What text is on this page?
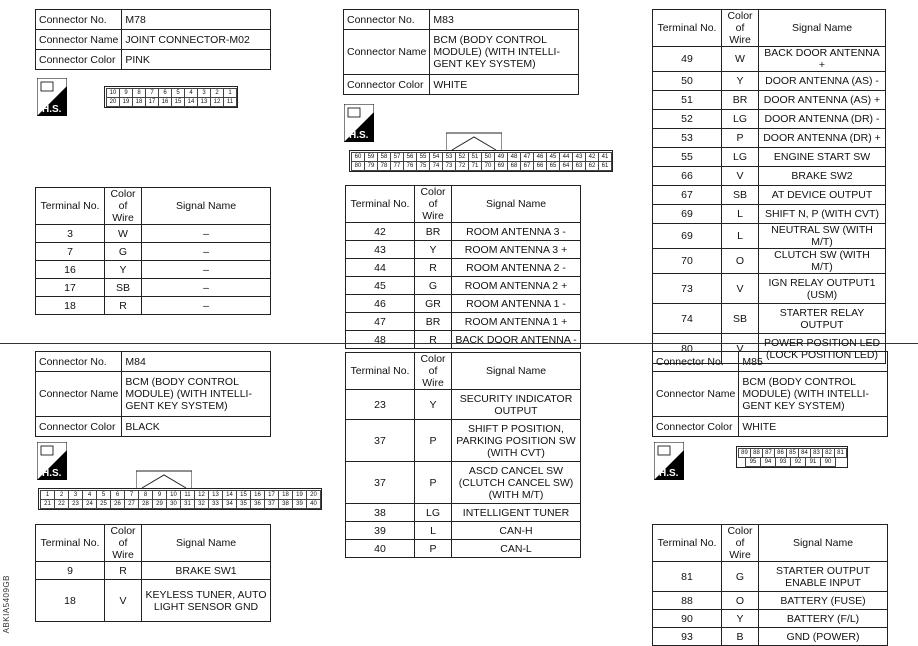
ABKIA5409GB
Connector No.	M78
Connector Name	JOINT CONNECTOR-M02
Connector Color	PINK
H.S.
10	9	8	7	6	5	4	3	2	1
20	19	18	17	16	15	14	13	12	11
Terminal No.	Color of Wire	Signal Name
3	W	–
7	G	–
16	Y	–
17	SB	–
18	R	–
Connector No.	M83
Connector Name	BCM (BODY CONTROL MODULE) (WITH INTELLI-GENT KEY SYSTEM)
Connector Color	WHITE
H.S.
60	59	58	57	56	55	54	53	52	51	50	49	48	47	46	45	44	43	42	41
80	79	78	77	76	75	74	73	72	71	70	69	68	67	66	65	64	63	62	61
Terminal No.	Color of Wire	Signal Name
42	BR	ROOM ANTENNA 3 -
43	Y	ROOM ANTENNA 3 +
44	R	ROOM ANTENNA 2 -
45	G	ROOM ANTENNA 2 +
46	GR	ROOM ANTENNA 1 -
47	BR	ROOM ANTENNA 1 +
48	R	BACK DOOR ANTENNA -
Terminal No.	Color of Wire	Signal Name
49	W	BACK DOOR ANTENNA +
50	Y	DOOR ANTENNA (AS) -
51	BR	DOOR ANTENNA (AS) +
52	LG	DOOR ANTENNA (DR) -
53	P	DOOR ANTENNA (DR) +
55	LG	ENGINE START SW
66	V	BRAKE SW2
67	SB	AT DEVICE OUTPUT
69	L	SHIFT N, P (WITH CVT)
69	L	NEUTRAL SW (WITH M/T)
70	O	CLUTCH SW (WITH M/T)
73	V	IGN RELAY OUTPUT1 (USM)
74	SB	STARTER RELAY OUTPUT
80	V	POWER POSITION LED (LOCK POSITION LED)
Connector No.	M84
Connector Name	BCM (BODY CONTROL MODULE) (WITH INTELLI-GENT KEY SYSTEM)
Connector Color	BLACK
H.S.
1	2	3	4	5	6	7	8	9	10	11	12	13	14	15	16	17	18	19	20
21	22	23	24	25	26	27	28	29	30	31	32	33	34	35	36	37	38	39	40
Terminal No.	Color of Wire	Signal Name
9	R	BRAKE SW1
18	V	KEYLESS TUNER, AUTO LIGHT SENSOR GND
Terminal No.	Color of Wire	Signal Name
23	Y	SECURITY INDICATOR OUTPUT
37	P	SHIFT P POSITION, PARKING POSITION SW (WITH CVT)
37	P	ASCD CANCEL SW (CLUTCH CANCEL SW) (WITH M/T)
38	LG	INTELLIGENT TUNER
39	L	CAN-H
40	P	CAN-L
Connector No.	M85
Connector Name	BCM (BODY CONTROL MODULE) (WITH INTELLI-GENT KEY SYSTEM)
Connector Color	WHITE
H.S.
89 88 87 86 85 84 83 82 81
95	94	93	92	91	90
Terminal No.	Color of Wire	Signal Name
81	G	STARTER OUTPUT ENABLE INPUT
88	O	BATTERY (FUSE)
90	Y	BATTERY (F/L)
93	B	GND (POWER)
